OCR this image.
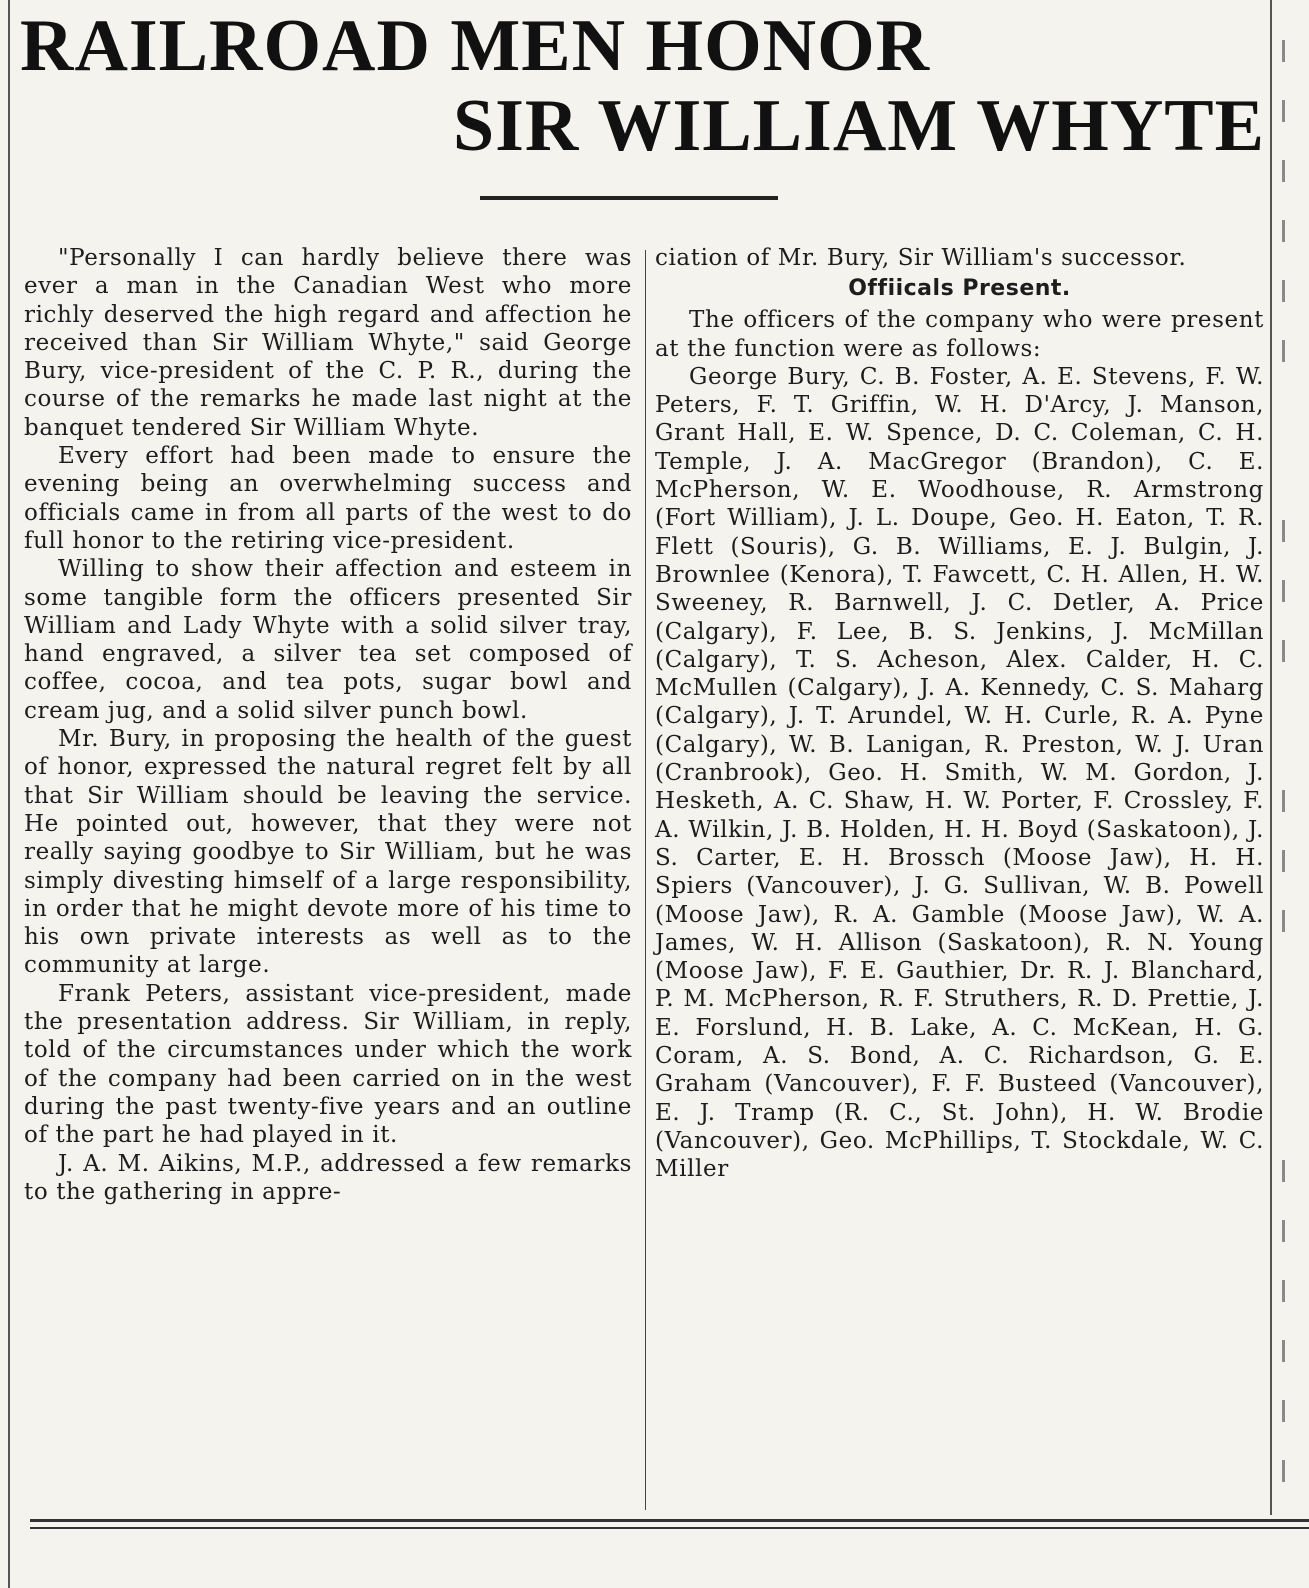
RAILROAD MEN HONOR
SIR WILLIAM WHYTE

"Personally I can hardly believe there was ever a man in the Canadian West who more richly deserved the high regard and affection he received than Sir William Whyte," said George Bury, vice-president of the C. P. R., during the course of the remarks he made last night at the banquet tendered Sir William Whyte.

Every effort had been made to ensure the evening being an overwhelming success and officials came in from all parts of the west to do full honor to the retiring vice-president.

Willing to show their affection and esteem in some tangible form the officers presented Sir William and Lady Whyte with a solid silver tray, hand engraved, a silver tea set composed of coffee, cocoa, and tea pots, sugar bowl and cream jug, and a solid silver punch bowl.

Mr. Bury, in proposing the health of the guest of honor, expressed the natural regret felt by all that Sir William should be leaving the service. He pointed out, however, that they were not really saying goodbye to Sir William, but he was simply divesting himself of a large responsibility, in order that he might devote more of his time to his own private interests as well as to the community at large.

Frank Peters, assistant vice-president, made the presentation address. Sir William, in reply, told of the circumstances under which the work of the company had been carried on in the west during the past twenty-five years and an outline of the part he had played in it.

J. A. M. Aikins, M.P., addressed a few remarks to the gathering in appre-

ciation of Mr. Bury, Sir William's successor.

Offiicals Present.

The officers of the company who were present at the function were as follows:

George Bury, C. B. Foster, A. E. Stevens, F. W. Peters, F. T. Griffin, W. H. D'Arcy, J. Manson, Grant Hall, E. W. Spence, D. C. Coleman, C. H. Temple, J. A. MacGregor (Brandon), C. E. McPherson, W. E. Woodhouse, R. Armstrong (Fort William), J. L. Doupe, Geo. H. Eaton, T. R. Flett (Souris), G. B. Williams, E. J. Bulgin, J. Brownlee (Kenora), T. Fawcett, C. H. Allen, H. W. Sweeney, R. Barnwell, J. C. Detler, A. Price (Calgary), F. Lee, B. S. Jenkins, J. McMillan (Calgary), T. S. Acheson, Alex. Calder, H. C. McMullen (Calgary), J. A. Kennedy, C. S. Maharg (Calgary), J. T. Arundel, W. H. Curle, R. A. Pyne (Calgary), W. B. Lanigan, R. Preston, W. J. Uran (Cranbrook), Geo. H. Smith, W. M. Gordon, J. Hesketh, A. C. Shaw, H. W. Porter, F. Crossley, F. A. Wilkin, J. B. Holden, H. H. Boyd (Saskatoon), J. S. Carter, E. H. Brossch (Moose Jaw), H. H. Spiers (Vancouver), J. G. Sullivan, W. B. Powell (Moose Jaw), R. A. Gamble (Moose Jaw), W. A. James, W. H. Allison (Saskatoon), R. N. Young (Moose Jaw), F. E. Gauthier, Dr. R. J. Blanchard, P. M. McPherson, R. F. Struthers, R. D. Prettie, J. E. Forslund, H. B. Lake, A. C. McKean, H. G. Coram, A. S. Bond, A. C. Richardson, G. E. Graham (Vancouver), F. F. Busteed (Vancouver), E. J. Tramp (R. C., St. John), H. W. Brodie (Vancouver), Geo. McPhillips, T. Stockdale, W. C. Miller
